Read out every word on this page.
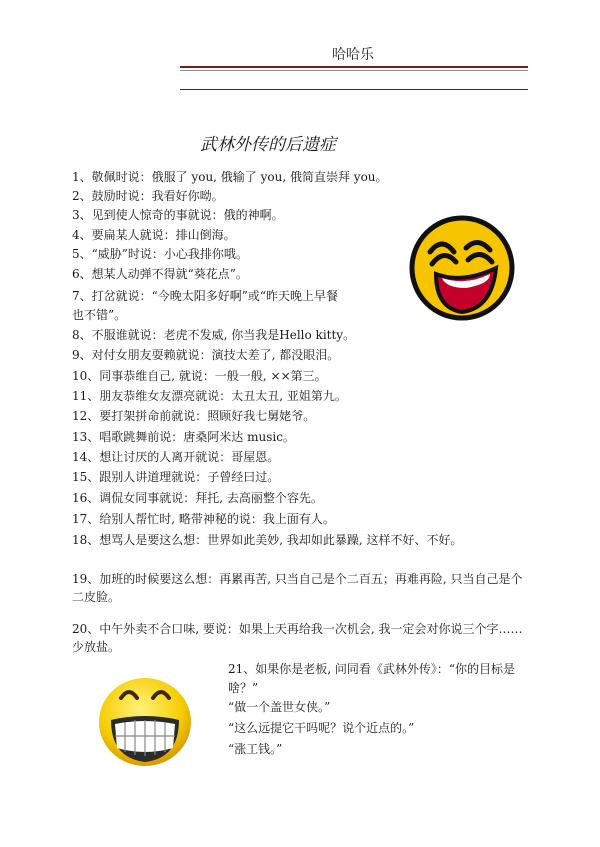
哈哈乐
武林外传的后遗症
1、敬佩时说：俄服了 you, 俄输了 you, 俄简直崇拜 you。
2、鼓励时说：我看好你呦。
3、见到使人惊奇的事就说：俄的神啊。
4、要扁某人就说：排山倒海。
5、“威胁”时说：小心我排你哦。
6、想某人动弹不得就“葵花点”。
7、打岔就说：“今晚太阳多好啊”或“昨天晚上早餐
也不错”。
8、不服谁就说：老虎不发威, 你当我是Hello kitty。
9、对付女朋友耍赖就说：演技太差了, 都没眼泪。
10、同事恭维自己, 就说：一般一般, ××第三。
11、朋友恭维女友漂亮就说：太丑太丑, 亚姐第九。
12、要打架拼命前就说：照顾好我七舅姥爷。
13、唱歌跳舞前说：唐桑阿米达 music。
14、想让讨厌的人离开就说：哥屋恩。
15、跟别人讲道理就说：子曾经曰过。
16、调侃女同事就说：拜托, 去高丽整个容先。
17、给别人帮忙时, 略带神秘的说：我上面有人。
18、想骂人是要这么想：世界如此美妙, 我却如此暴躁, 这样不好、不好。
19、加班的时候要这么想：再累再苦, 只当自己是个二百五；再难再险, 只当自己是个二皮脸。
20、中午外卖不合口味, 要说：如果上天再给我一次机会, 我一定会对你说三个字……少放盐。
21、如果你是老板, 问同看《武林外传》：“你的目标是啥？”
“做一个盖世女侠。”
“这么远提它干吗呢？说个近点的。”
“涨工钱。”
